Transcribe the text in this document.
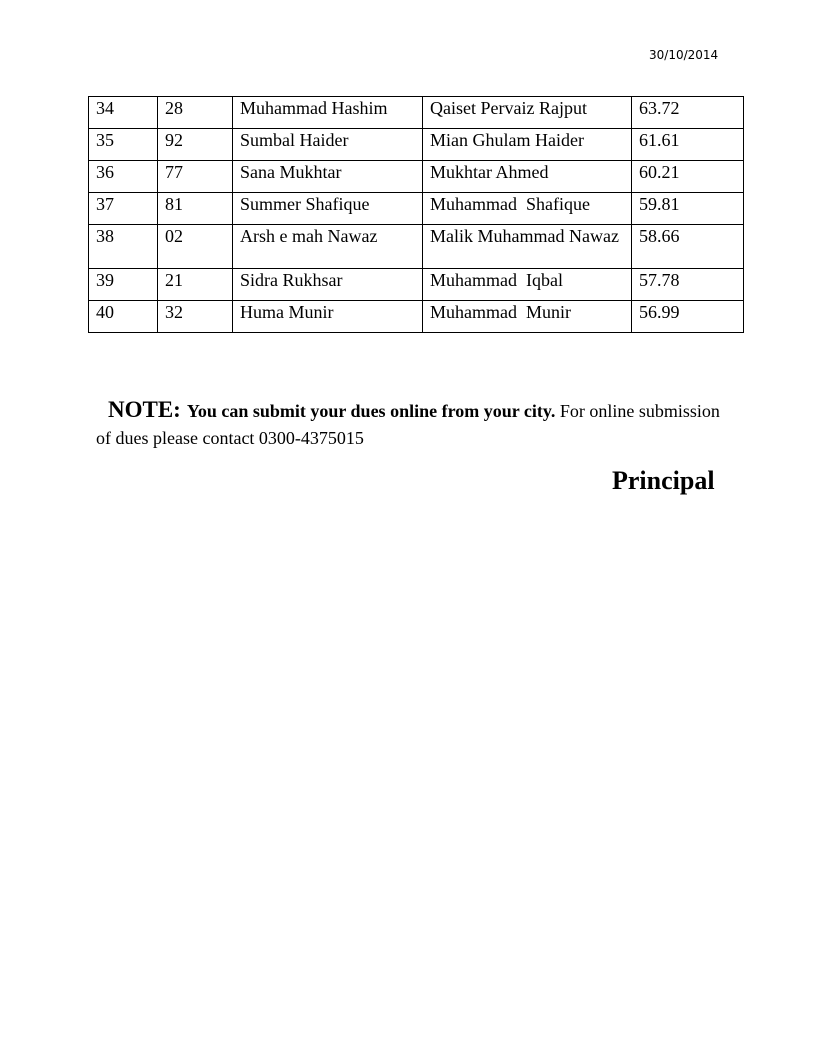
30/10/2014
34	28	Muhammad Hashim	Qaiset Pervaiz Rajput	63.72
35	92	Sumbal Haider	Mian Ghulam Haider	61.61
36	77	Sana Mukhtar	Mukhtar Ahmed	60.21
37	81	Summer Shafique	Muhammad  Shafique	59.81
38	02	Arsh e mah Nawaz	Malik Muhammad Nawaz	58.66
39	21	Sidra Rukhsar	Muhammad  Iqbal	57.78
40	32	Huma Munir	Muhammad  Munir	56.99
NOTE: You can submit your dues online from your city. For online submission of dues please contact 0300-4375015
Principal
